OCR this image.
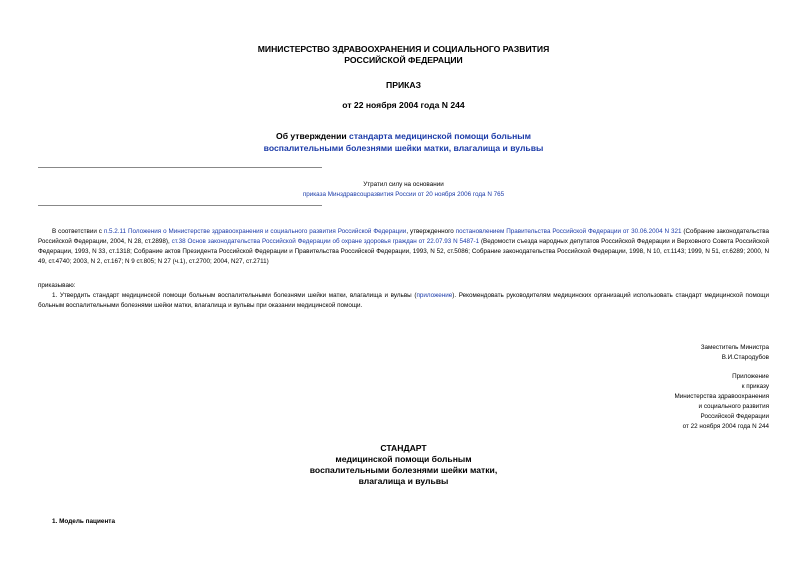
МИНИСТЕРСТВО ЗДРАВООХРАНЕНИЯ И СОЦИАЛЬНОГО РАЗВИТИЯ
РОССИЙСКОЙ ФЕДЕРАЦИИ
ПРИКАЗ
от 22 ноября 2004 года N 244
Об утверждении стандарта медицинской помощи больным
воспалительными болезнями шейки матки, влагалища и вульвы
Утратил силу на основании
приказа Минздравсоцразвития России от 20 ноября 2006 года N 765
В соответствии с п.5.2.11 Положения о Министерстве здравоохранения и социального развития Российской Федерации, утвержденного постановлением Правительства Российской Федерации от 30.06.2004 N 321 (Собрание законодательства Российской Федерации, 2004, N 28, ст.2898), ст.38 Основ законодательства Российской Федерации об охране здоровья граждан от 22.07.93 N 5487-1 (Ведомости съезда народных депутатов Российской Федерации и Верховного Совета Российской Федерации, 1993, N 33, ст.1318; Собрание актов Президента Российской Федерации и Правительства Российской Федерации, 1993, N 52, ст.5086; Собрание законодательства Российской Федерации, 1998, N 10, ст.1143; 1999, N 51, ст.6289; 2000, N 49, ст.4740; 2003, N 2, ст.167; N 9 ст.805; N 27 (ч.1), ст.2700; 2004, N27, ст.2711)
приказываю:
1. Утвердить стандарт медицинской помощи больным воспалительными болезнями шейки матки, влагалища и вульвы (приложение). Рекомендовать руководителям медицинских организаций использовать стандарт медицинской помощи больным воспалительными болезнями шейки матки, влагалища и вульвы при оказании медицинской помощи.
Заместитель Министра
В.И.Стародубов
Приложение
к приказу
Министерства здравоохранения
и социального развития
Российской Федерации
от 22 ноября 2004 года N 244
СТАНДАРТ
медицинской помощи больным
воспалительными болезнями шейки матки,
влагалища и вульвы
1. Модель пациента
